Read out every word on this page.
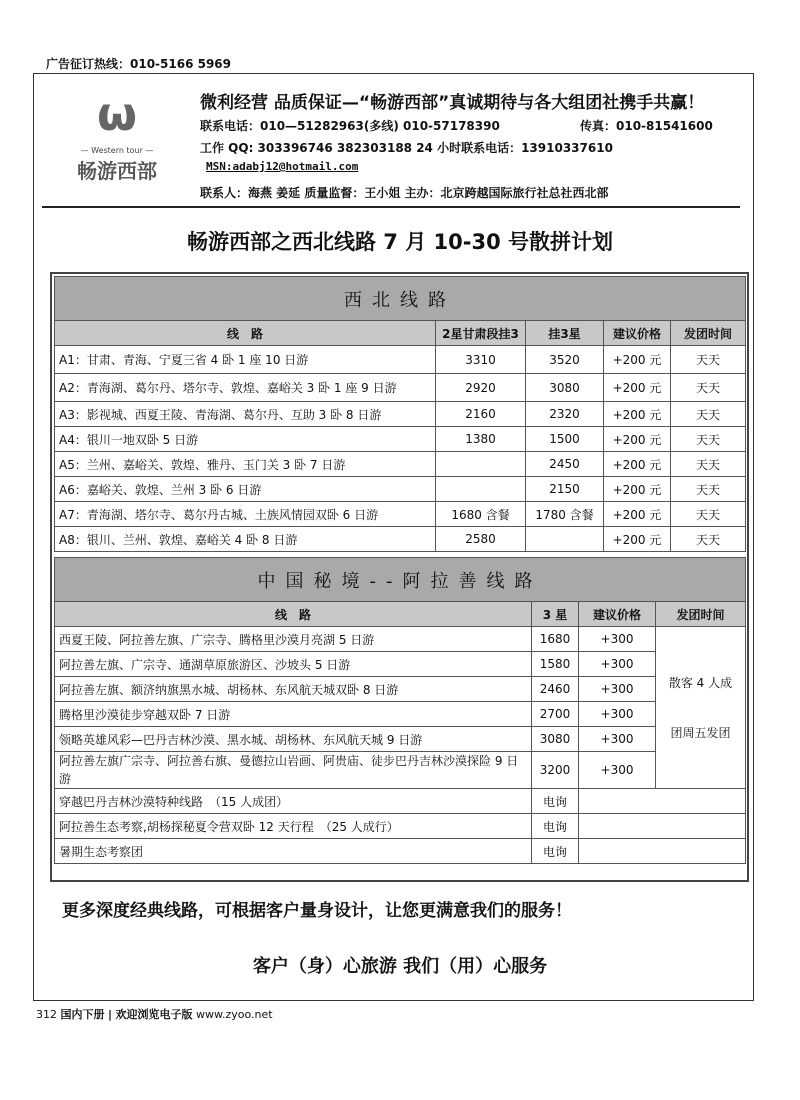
广告征订热线：010-5166 5969
ω
— Western tour —
畅游西部
微利经营 品质保证—“畅游西部”真诚期待与各大组团社携手共赢！
联系电话：010—51282963(多线) 010-57178390	传真：010-81541600
工作 QQ: 303396746 382303188 24 小时联系电话：13910337610
MSN:adabj12@hotmail.com
联系人：海燕 姜延 质量监督：王小姐 主办：北京跨越国际旅行社总社西北部
畅游西部之西北线路 7 月 10-30 号散拼计划
西北线路				
线　路	2星甘肃段挂3	挂3星	建议价格	发团时间
A1：甘肃、青海、宁夏三省 4 卧 1 座 10 日游	3310	3520	+200 元	天天
A2：青海湖、葛尔丹、塔尔寺、敦煌、嘉峪关 3 卧 1 座 9 日游	2920	3080	+200 元	天天
A3：影视城、西夏王陵、青海湖、葛尔丹、互助 3 卧 8 日游	2160	2320	+200 元	天天
A4：银川一地双卧 5 日游	1380	1500	+200 元	天天
A5：兰州、嘉峪关、敦煌、雅丹、玉门关 3 卧 7 日游		2450	+200 元	天天
A6：嘉峪关、敦煌、兰州 3 卧 6 日游		2150	+200 元	天天
A7：青海湖、塔尔寺、葛尔丹古城、土族风情园双卧 6 日游	1680 含餐	1780 含餐	+200 元	天天
A8：银川、兰州、敦煌、嘉峪关 4 卧 8 日游	2580		+200 元	天天
中国秘境--阿拉善线路			
线　路	3 星	建议价格	发团时间
西夏王陵、阿拉善左旗、广宗寺、腾格里沙漠月亮湖 5 日游	1680	+300	散客 4 人成
团周五发团

阿拉善左旗、广宗寺、通湖草原旅游区、沙坡头 5 日游	1580	+300	
阿拉善左旗、额济纳旗黑水城、胡杨林、东风航天城双卧 8 日游	2460	+300	
腾格里沙漠徒步穿越双卧 7 日游	2700	+300	
领略英雄风彩—巴丹吉林沙漠、黑水城、胡杨林、东风航天城 9 日游	3080	+300	
阿拉善左旗广宗寺、阿拉善右旗、曼德拉山岩画、阿贵庙、徒步巴丹吉林沙漠探险 9 日游	3200	+300	
穿越巴丹吉林沙漠特种线路　（15 人成团）	电询		
阿拉善生态考察,胡杨探秘夏令营双卧 12 天行程　（25 人成行）	电询		
暑期生态考察团	电询		
更多深度经典线路，可根据客户量身设计，让您更满意我们的服务！
客户（身）心旅游 我们（用）心服务
312 国内下册 | 欢迎浏览电子版 www.zyoo.net
